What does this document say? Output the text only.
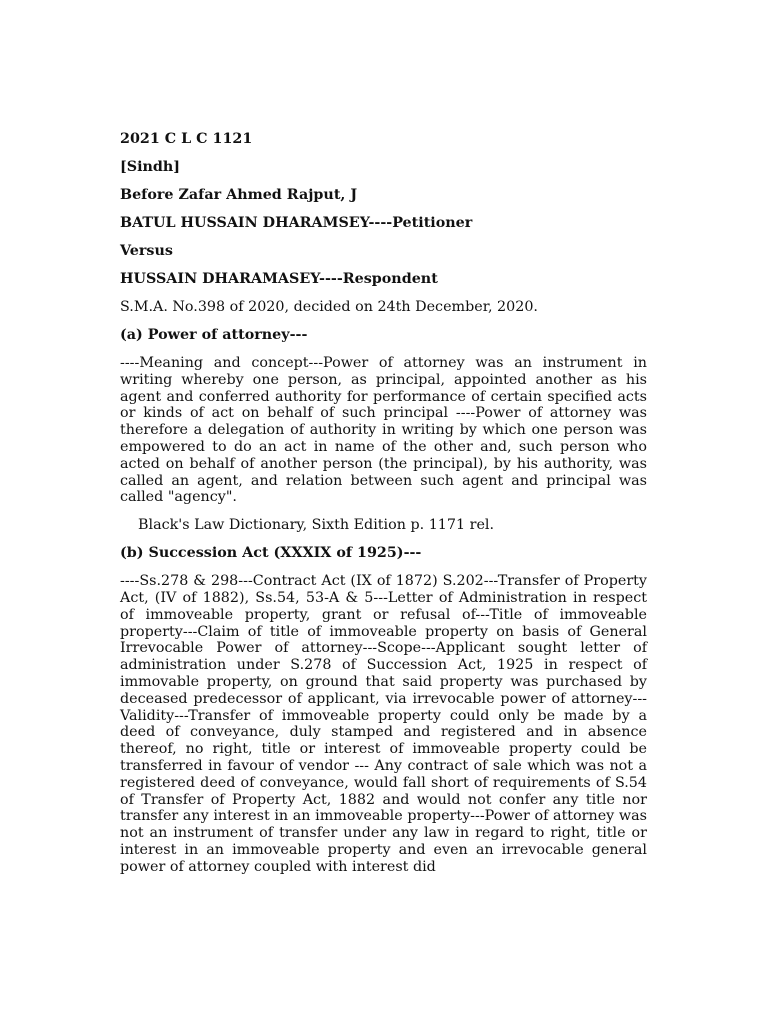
2021 C L C 1121

[Sindh]

Before Zafar Ahmed Rajput, J

BATUL HUSSAIN DHARAMSEY----Petitioner

Versus

HUSSAIN DHARAMASEY----Respondent

S.M.A. No.398 of 2020, decided on 24th December, 2020.

(a) Power of attorney---

----Meaning and concept---Power of attorney was an instrument in writing whereby one person, as principal, appointed another as his agent and conferred authority for performance of certain specified acts or kinds of act on behalf of such principal ----Power of attorney was therefore a delegation of authority in writing by which one person was empowered to do an act in name of the other and, such person who acted on behalf of another person (the principal), by his authority, was called an agent, and relation between such agent and principal was called "agency".

Black's Law Dictionary, Sixth Edition p. 1171 rel.

(b) Succession Act (XXXIX of 1925)---

----Ss.278 & 298---Contract Act (IX of 1872) S.202---Transfer of Property Act, (IV of 1882), Ss.54, 53-A & 5---Letter of Administration in respect of immoveable property, grant or refusal of---Title of immoveable property---Claim of title of immoveable property on basis of General Irrevocable Power of attorney---Scope---Applicant sought letter of administration under S.278 of Succession Act, 1925 in respect of immovable property, on ground that said property was purchased by deceased predecessor of applicant, via irrevocable power of attorney---Validity---Transfer of immoveable property could only be made by a deed of conveyance, duly stamped and registered and in absence thereof, no right, title or interest of immoveable property could be transferred in favour of vendor --- Any contract of sale which was not a registered deed of conveyance, would fall short of requirements of S.54 of Transfer of Property Act, 1882 and would not confer any title nor transfer any interest in an immoveable property---Power of attorney was not an instrument of transfer under any law in regard to right, title or interest in an immoveable property and even an irrevocable general power of attorney coupled with interest did
